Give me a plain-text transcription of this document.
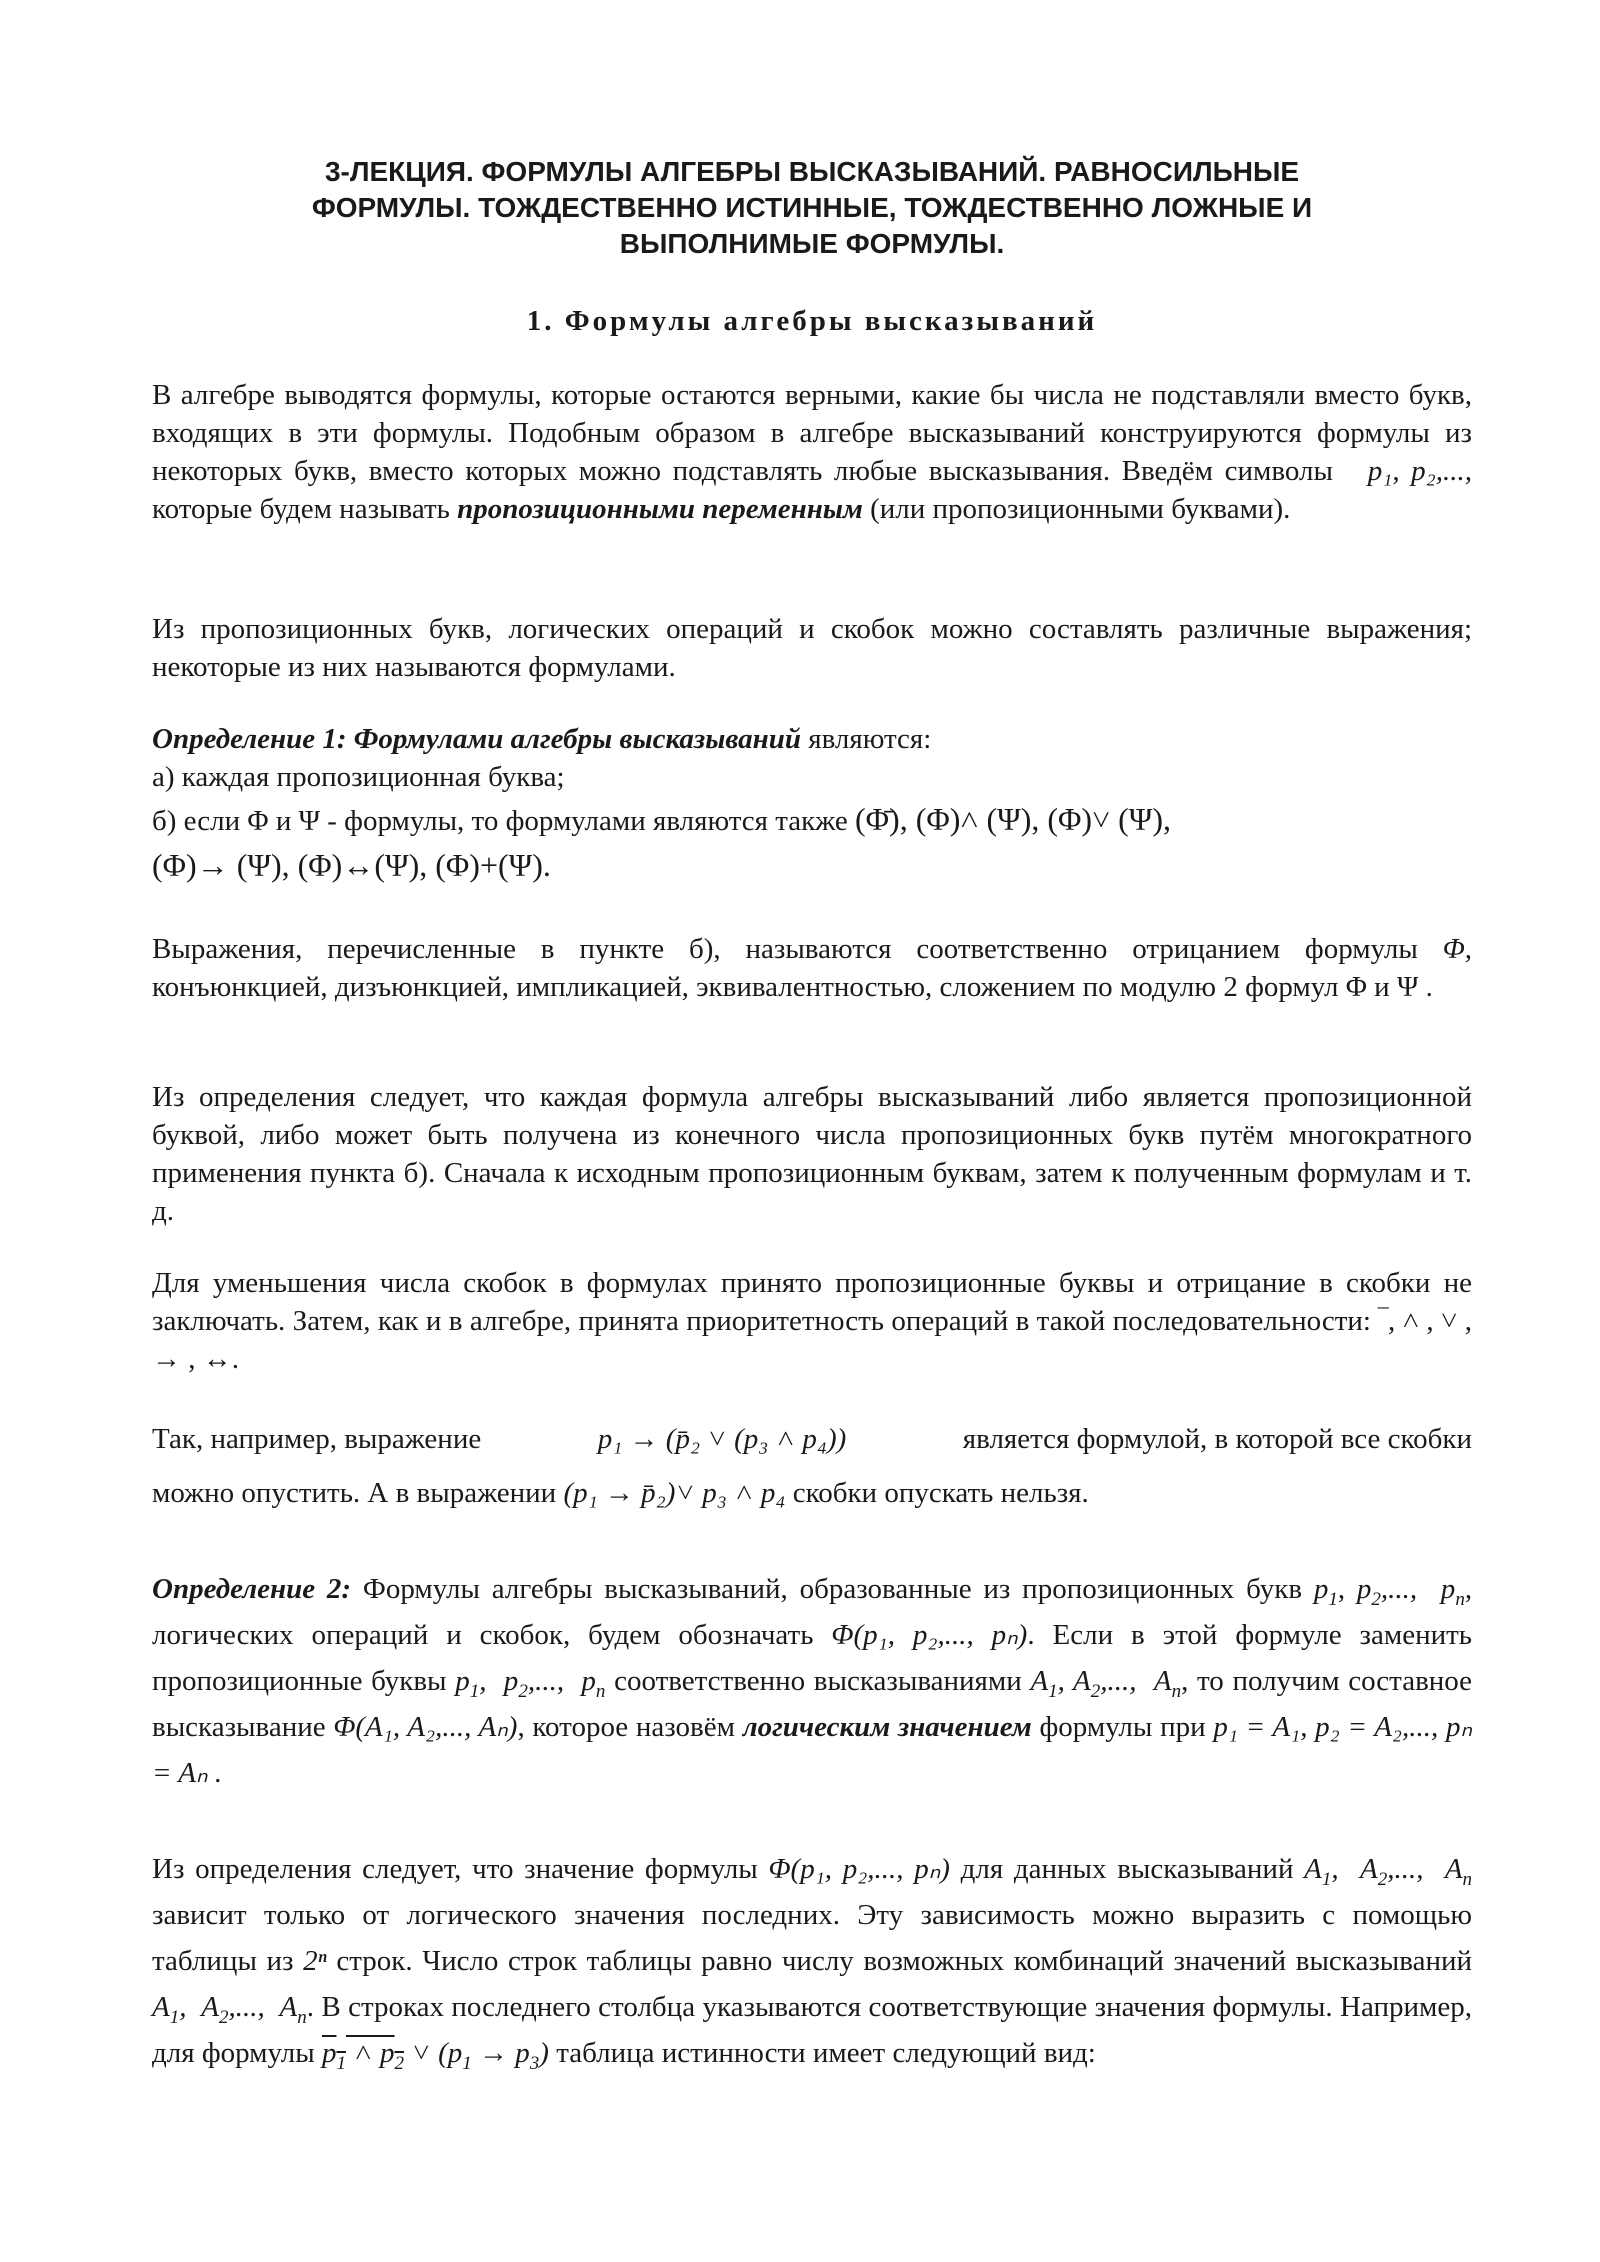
3-ЛЕКЦИЯ. ФОРМУЛЫ АЛГЕБРЫ ВЫСКАЗЫВАНИЙ. РАВНОСИЛЬНЫЕ
ФОРМУЛЫ. ТОЖДЕСТВЕННО ИСТИННЫЕ, ТОЖДЕСТВЕННО ЛОЖНЫЕ И
ВЫПОЛНИМЫЕ ФОРМУЛЫ.
1. Формулы алгебры высказываний
В алгебре выводятся формулы, которые остаются верными, какие бы числа не подставляли вместо букв, входящих в эти формулы. Подобным образом в алгебре высказываний конструируются формулы из некоторых букв, вместо которых можно подставлять любые высказывания. Введём символы p₁, p₂,..., которые будем называть пропозиционными переменным (или пропозиционными буквами).
Из пропозиционных букв, логических операций и скобок можно составлять различные выражения; некоторые из них называются формулами.
Определение 1: Формулами алгебры высказываний являются:
а) каждая пропозиционная буква;
б) если Φ и Ψ - формулы, то формулами являются также (Φ̄), (Φ)˄ (Ψ), (Φ)˅ (Ψ),
(Φ)→ (Ψ), (Φ)↔(Ψ), (Φ)+(Ψ).
Выражения, перечисленные в пункте б), называются соответственно отрицанием формулы Φ, конъюнкцией, дизъюнкцией, импликацией, эквивалентностью, сложением по модулю 2 формул Φ и Ψ .
Из определения следует, что каждая формула алгебры высказываний либо является пропозиционной буквой, либо может быть получена из конечного числа пропозиционных букв путём многократного применения пункта б). Сначала к исходным пропозиционным буквам, затем к полученным формулам и т. д.
Для уменьшения числа скобок в формулах принято пропозиционные буквы и отрицание в скобки не заключать. Затем, как и в алгебре, принята приоритетность операций в такой последовательности: ‾, ˄ , ˅ , → , ↔.
Так, например, выражение	p₁ → (p̄₂ ˅ (p₃ ˄ p₄))	является формулой, в которой все скобки
можно опустить. А в выражении (p₁ → p̄₂)˅ p₃ ˄ p₄ скобки опускать нельзя.
Определение 2: Формулы алгебры высказываний, образованные из пропозиционных букв $p_1$, $p_2$,...,  $p_n$, логических операций и скобок, будем обозначать Φ(p₁, p₂,..., pₙ). Если в этой формуле заменить пропозиционные буквы $p_1$,  $p_2$,...,  $p_n$ соответственно высказываниями $A_1$, $A_2$,...,  $A_n$, то получим составное высказывание Φ(A₁, A₂,..., Aₙ), которое назовём логическим значением формулы при p₁ = A₁, p₂ = A₂,..., pₙ = Aₙ .
Из определения следует, что значение формулы Φ(p₁, p₂,..., pₙ) для данных высказываний $A_1$,  $A_2$,...,  $A_n$ зависит только от логического значения последних. Эту зависимость можно выразить с помощью таблицы из 2ⁿ строк. Число строк таблицы равно числу возможных комбинаций значений высказываний $A_1$,  $A_2$,...,  $A_n$. В строках последнего столбца указываются соответствующие значения формулы. Например, для формулы $p_1$ ˄ $p_2$ ˅ $(p_1 \to p_3)$ таблица истинности имеет следующий вид:
